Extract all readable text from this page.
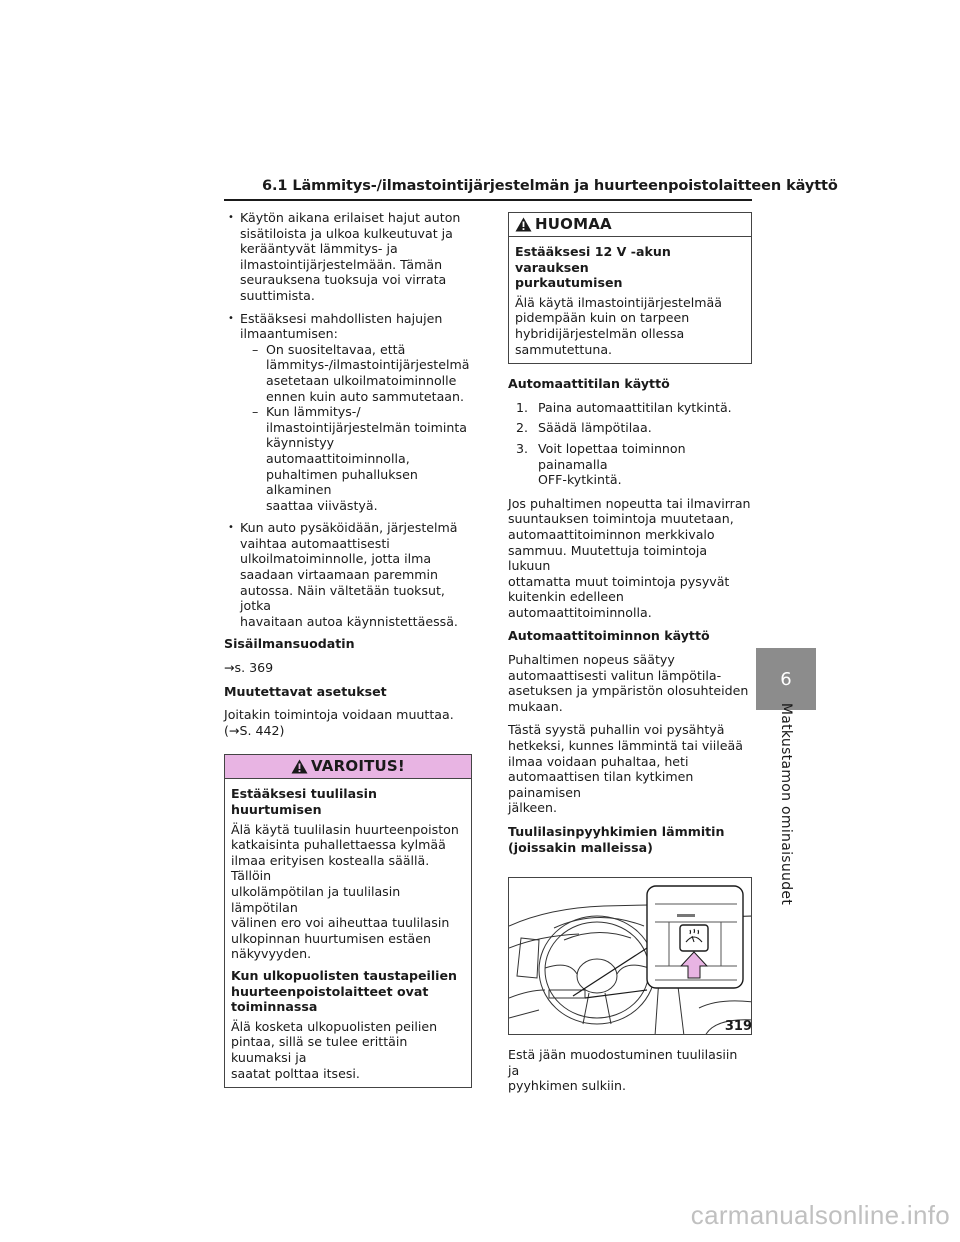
6.1 Lämmitys-/ilmastointijärjestelmän ja huurteenpoistolaitteen käyttö
• Käytön aikana erilaiset hajut auton
sisätiloista ja ulkoa kulkeutuvat ja
kerääntyvät lämmitys- ja
ilmastointijärjestelmään. Tämän
seurauksena tuoksuja voi virrata
suuttimista.
• Estääksesi mahdollisten hajujen
ilmaantumisen:
– On suositeltavaa, että
lämmitys-/ilmastointijärjestelmä
asetetaan ulkoilmatoiminnolle
ennen kuin auto sammutetaan.
– Kun lämmitys-/
ilmastointijärjestelmän toiminta
käynnistyy automaattitoiminnolla,
puhaltimen puhalluksen alkaminen
saattaa viivästyä.
• Kun auto pysäköidään, järjestelmä
vaihtaa automaattisesti
ulkoilmatoiminnolle, jotta ilma
saadaan virtaamaan paremmin
autossa. Näin vältetään tuoksut, jotka
havaitaan autoa käynnistettäessä.
Sisäilmansuodatin
→s. 369
Muutettavat asetukset
Joitakin toimintoja voidaan muuttaa.
(→S. 442)
VAROITUS!
Estääksesi tuulilasin huurtumisen
Älä käytä tuulilasin huurteenpoiston
katkaisinta puhallettaessa kylmää
ilmaa erityisen kostealla säällä. Tällöin
ulkolämpötilan ja tuulilasin lämpötilan
välinen ero voi aiheuttaa tuulilasin
ulkopinnan huurtumisen estäen
näkyvyyden.
Kun ulkopuolisten taustapeilien
huurteenpoistolaitteet ovat
toiminnassa
Älä kosketa ulkopuolisten peilien
pintaa, sillä se tulee erittäin kuumaksi ja
saatat polttaa itsesi.
HUOMAA
Estääksesi 12 V -akun varauksen
purkautumisen
Älä käytä ilmastointijärjestelmää
pidempään kuin on tarpeen
hybridijärjestelmän ollessa
sammutettuna.
Automaattitilan käyttö
1. Paina automaattitilan kytkintä.
2. Säädä lämpötilaa.
3. Voit lopettaa toiminnon painamalla
OFF-kytkintä.
Jos puhaltimen nopeutta tai ilmavirran
suuntauksen toimintoja muutetaan,
automaattitoiminnon merkkivalo
sammuu. Muutettuja toimintoja lukuun
ottamatta muut toimintoja pysyvät
kuitenkin edelleen
automaattitoiminnolla.
Automaattitoiminnon käyttö
Puhaltimen nopeus säätyy
automaattisesti valitun lämpötila-
asetuksen ja ympäristön olosuhteiden
mukaan.
Tästä syystä puhallin voi pysähtyä
hetkeksi, kunnes lämmintä tai viileää
ilmaa voidaan puhaltaa, heti
automaattisen tilan kytkimen painamisen
jälkeen.
Tuulilasinpyyhkimien lämmitin
(joissakin malleissa)
Estä jään muodostuminen tuulilasiin ja
pyyhkimen sulkiin.
6
Matkustamon ominaisuudet
319
carmanualsonline.info
